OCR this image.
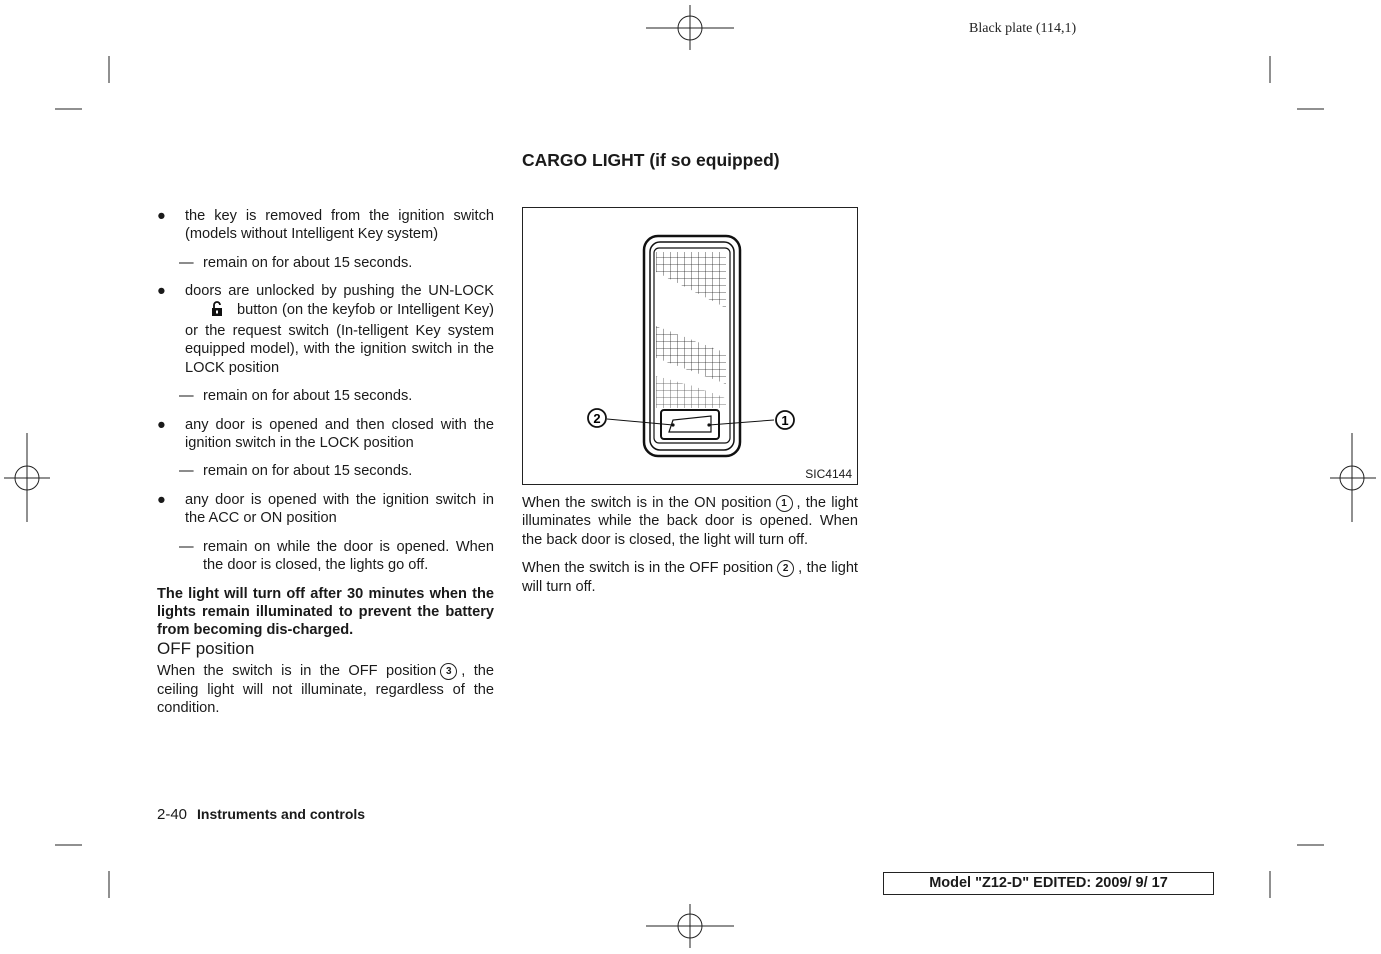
Black plate (114,1)
● the key is removed from the ignition switch (models without Intelligent Key system)

— remain on for about 15 seconds.
● doors are unlocked by pushing the UN-LOCKbutton (on the keyfob or Intelligent Key) or the request switch (In-telligent Key system equipped model), with the ignition switch in the LOCK position

— remain on for about 15 seconds.
● any door is opened and then closed with the ignition switch in the LOCK position

— remain on for about 15 seconds.
● any door is opened with the ignition switch in the ACC or ON position

— remain on while the door is opened. When the door is closed, the lights go off.

The light will turn off after 30 minutes when the lights remain illuminated to prevent the battery from becoming dis-charged.

OFF position

When the switch is in the OFF position 3 , the ceiling light will not illuminate, regardless of the condition.

CARGO LIGHT (if so equipped)
2	1
SIC4144

When the switch is in the ON position 1 , the light illuminates while the back door is opened. When the back door is closed, the light will turn off.

When the switch is in the OFF position 2 , the light will turn off.

2-40 Instruments and controls
Model "Z12-D" EDITED: 2009/ 9/ 17
